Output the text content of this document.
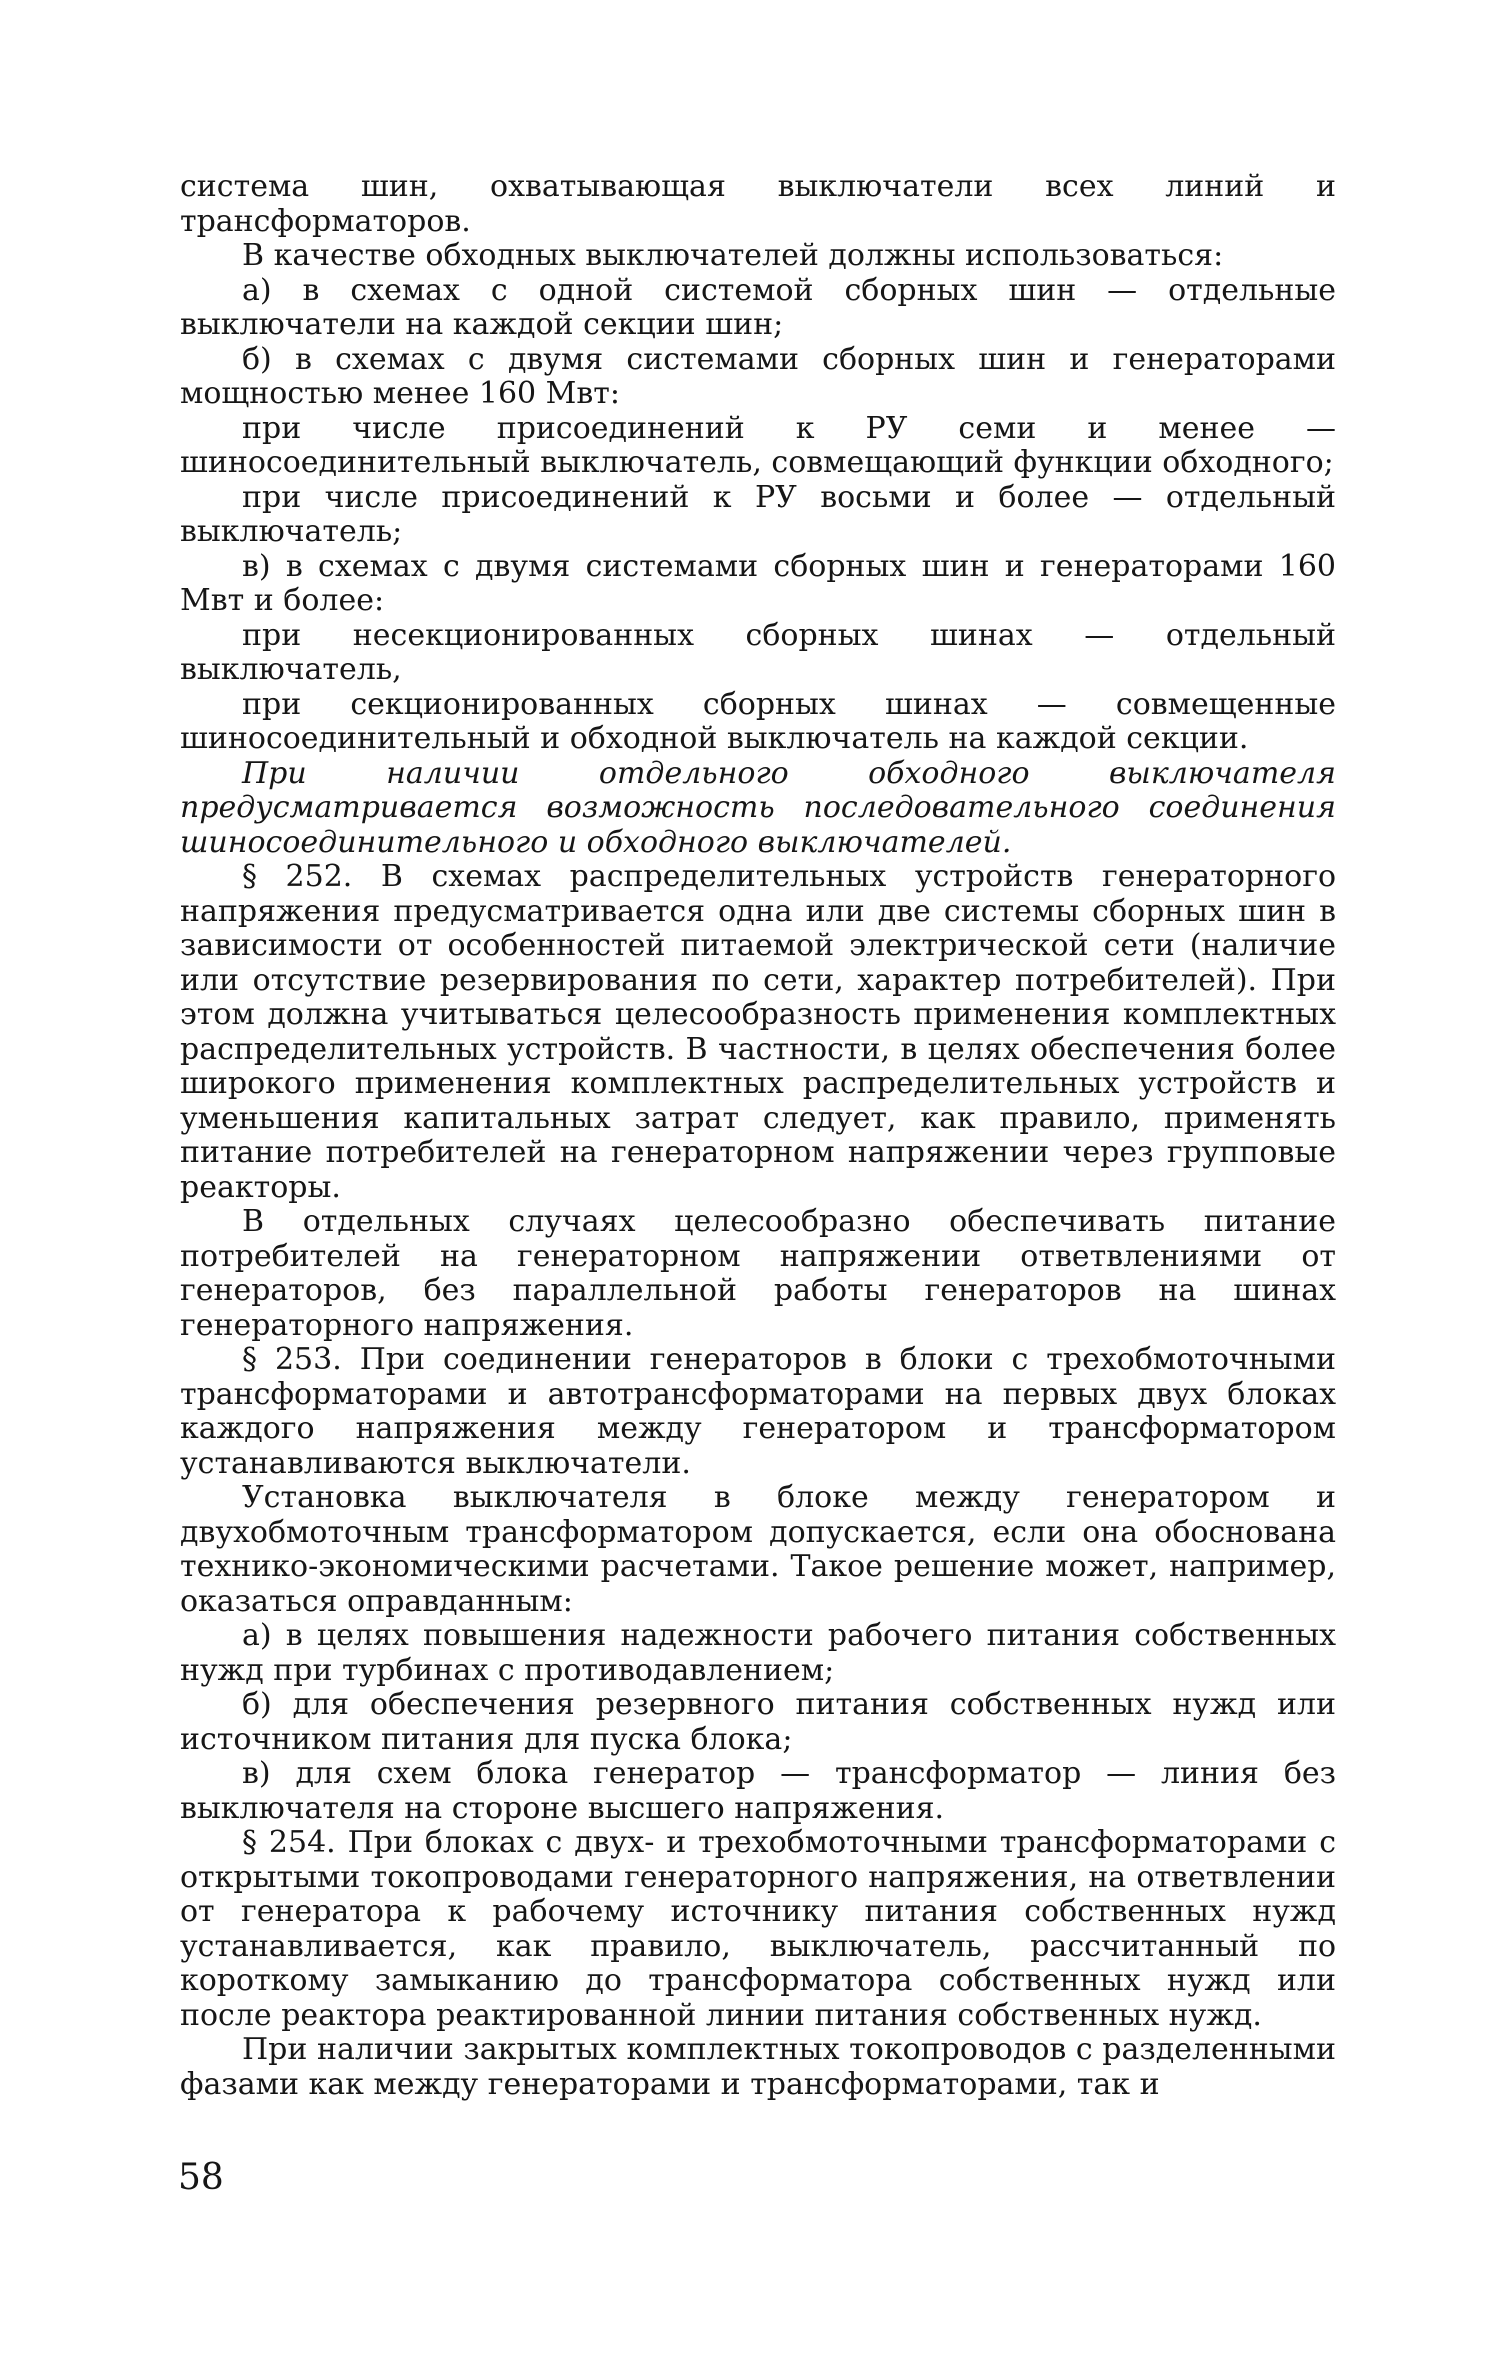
система шин, охватывающая выключатели всех линий и трансформаторов.

В качестве обходных выключателей должны использоваться:

а) в схемах с одной системой сборных шин — отдельные выключатели на каждой секции шин;

б) в схемах с двумя системами сборных шин и генераторами мощностью менее 160 Мвт:

при числе присоединений к РУ семи и менее — шиносоединительный выключатель, совмещающий функции обходного;

при числе присоединений к РУ восьми и более — отдельный выключатель;

в) в схемах с двумя системами сборных шин и генераторами 160 Мвт и более:

при несекционированных сборных шинах — отдельный выключатель,

при секционированных сборных шинах — совмещенные шиносоединительный и обходной выключатель на каждой секции.

При наличии отдельного обходного выключателя предусматривается возможность последовательного соединения шиносоединительного и обходного выключателей.

§ 252. В схемах распределительных устройств генераторного напряжения предусматривается одна или две системы сборных шин в зависимости от особенностей питаемой электрической сети (наличие или отсутствие резервирования по сети, характер потребителей). При этом должна учитываться целесообразность применения комплектных распределительных устройств. В частности, в целях обеспечения более широкого применения комплектных распределительных устройств и уменьшения капитальных затрат следует, как правило, применять питание потребителей на генераторном напряжении через групповые реакторы.

В отдельных случаях целесообразно обеспечивать питание потребителей на генераторном напряжении ответвлениями от генераторов, без параллельной работы генераторов на шинах генераторного напряжения.

§ 253. При соединении генераторов в блоки с трехобмоточными трансформаторами и автотрансформаторами на первых двух блоках каждого напряжения между генератором и трансформатором устанавливаются выключатели.

Установка выключателя в блоке между генератором и двухобмоточным трансформатором допускается, если она обоснована технико-экономическими расчетами. Такое решение может, например, оказаться оправданным:

а) в целях повышения надежности рабочего питания собственных нужд при турбинах с противодавлением;

б) для обеспечения резервного питания собственных нужд или источником питания для пуска блока;

в) для схем блока генератор — трансформатор — линия без выключателя на стороне высшего напряжения.

§ 254. При блоках с двух- и трехобмоточными трансформаторами с открытыми токопроводами генераторного напряжения, на ответвлении от генератора к рабочему источнику питания собственных нужд устанавливается, как правило, выключатель, рассчитанный по короткому замыканию до трансформатора собственных нужд или после реактора реактированной линии питания собственных нужд.

При наличии закрытых комплектных токопроводов с разделенными фазами как между генераторами и трансформаторами, так и

58
